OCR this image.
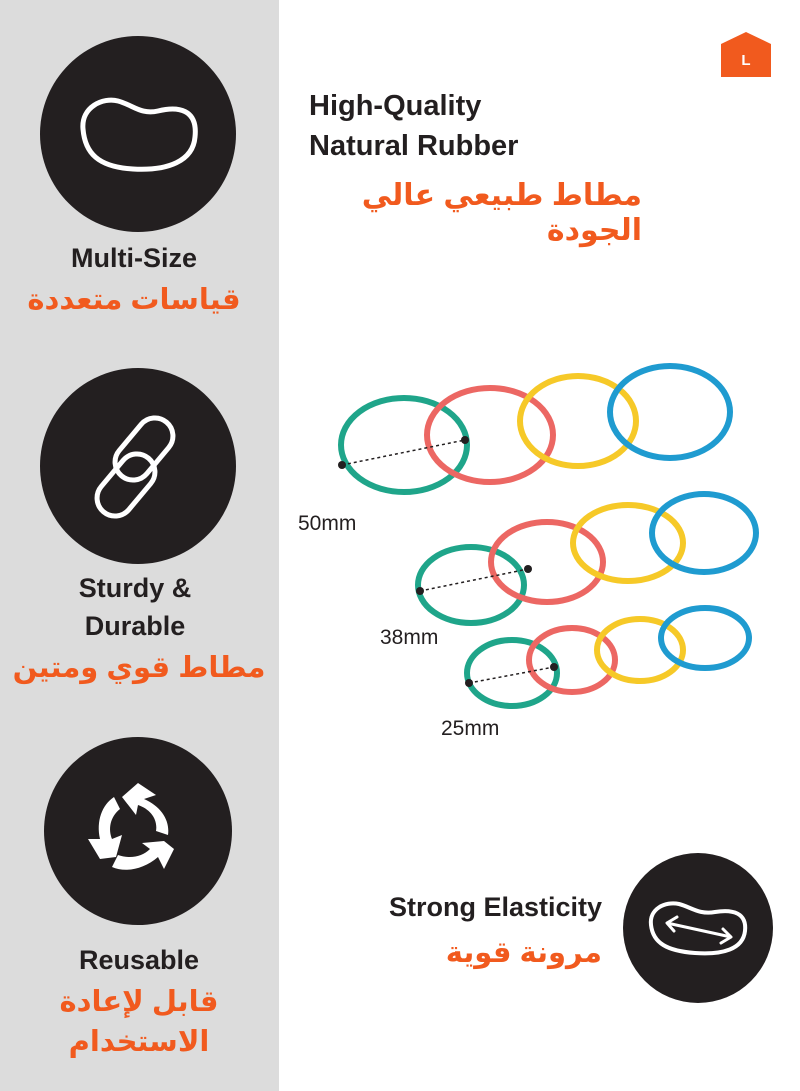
Multi-Size
قياسات متعددة
Sturdy &
Durable
مطاط قوي ومتين
Reusable
قابل لإعادة
الاستخدام
L
High-Quality
Natural Rubber
مطاط طبيعي عالي الجودة
50mm
38mm
25mm
Strong Elasticity
مرونة قوية
